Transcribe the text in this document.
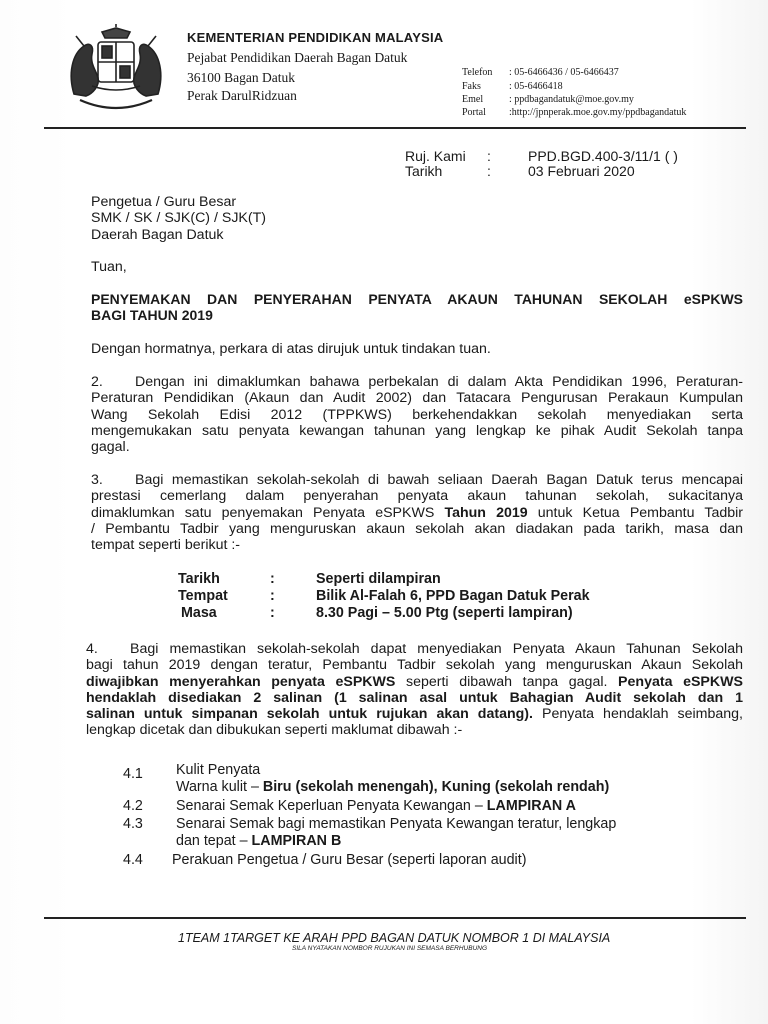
KEMENTERIAN PENDIDIKAN MALAYSIA
Pejabat Pendidikan Daerah Bagan Datuk
36100 Bagan Datuk
Perak DarulRidzuan
Telefon : 05-6466436 / 05-6466437
Faks	: 05-6466418
Emel	: ppdbagandatuk@moe.gov.my
Portal :http://jpnperak.moe.gov.my/ppdbagandatuk
Ruj. Kami :	PPD.BGD.400-3/11/1 ( )
Tarikh	:	03 Februari 2020
Pengetua / Guru Besar
SMK / SK / SJK(C) / SJK(T)
Daerah Bagan Datuk
Tuan,
PENYEMAKAN DAN PENYERAHAN PENYATA AKAUN TAHUNAN SEKOLAH eSPKWS
BAGI TAHUN 2019
Dengan hormatnya, perkara di atas dirujuk untuk tindakan tuan.
2.	Dengan ini dimaklumkan bahawa perbekalan di dalam Akta Pendidikan 1996, Peraturan-
Peraturan Pendidikan (Akaun dan Audit 2002) dan Tatacara Pengurusan Perakaun Kumpulan
Wang Sekolah Edisi 2012 (TPPKWS) berkehendakkan sekolah menyediakan serta
mengemukakan satu penyata kewangan tahunan yang lengkap ke pihak Audit Sekolah tanpa
gagal.
3.	Bagi memastikan sekolah-sekolah di bawah seliaan Daerah Bagan Datuk terus mencapai
prestasi cemerlang dalam penyerahan penyata akaun tahunan sekolah, sukacitanya
dimaklumkan satu penyemakan Penyata eSPKWS Tahun 2019 untuk Ketua Pembantu Tadbir
/ Pembantu Tadbir yang menguruskan akaun sekolah akan diadakan pada tarikh, masa dan
tempat seperti berikut :-
Tarikh	:	Seperti dilampiran
Tempat	:	Bilik Al-Falah 6, PPD Bagan Datuk Perak
Masa	:	8.30 Pagi – 5.00 Ptg (seperti lampiran)
4.	Bagi memastikan sekolah-sekolah dapat menyediakan Penyata Akaun Tahunan Sekolah
bagi tahun 2019 dengan teratur, Pembantu Tadbir sekolah yang menguruskan Akaun Sekolah
diwajibkan menyerahkan penyata eSPKWS seperti dibawah tanpa gagal. Penyata eSPKWS
hendaklah disediakan 2 salinan (1 salinan asal untuk Bahagian Audit sekolah dan 1
salinan untuk simpanan sekolah untuk rujukan akan datang). Penyata hendaklah seimbang,
lengkap dicetak dan dibukukan seperti maklumat dibawah :-
4.1 Kulit Penyata
Warna kulit – Biru (sekolah menengah), Kuning (sekolah rendah)
4.2 Senarai Semak Keperluan Penyata Kewangan – LAMPIRAN A
4.3 Senarai Semak bagi memastikan Penyata Kewangan teratur, lengkap
dan tepat – LAMPIRAN B
4.4 Perakuan Pengetua / Guru Besar (seperti laporan audit)
1TEAM 1TARGET KE ARAH PPD BAGAN DATUK NOMBOR 1 DI MALAYSIA
SILA NYATAKAN NOMBOR RUJUKAN INI SEMASA BERHUBUNG
